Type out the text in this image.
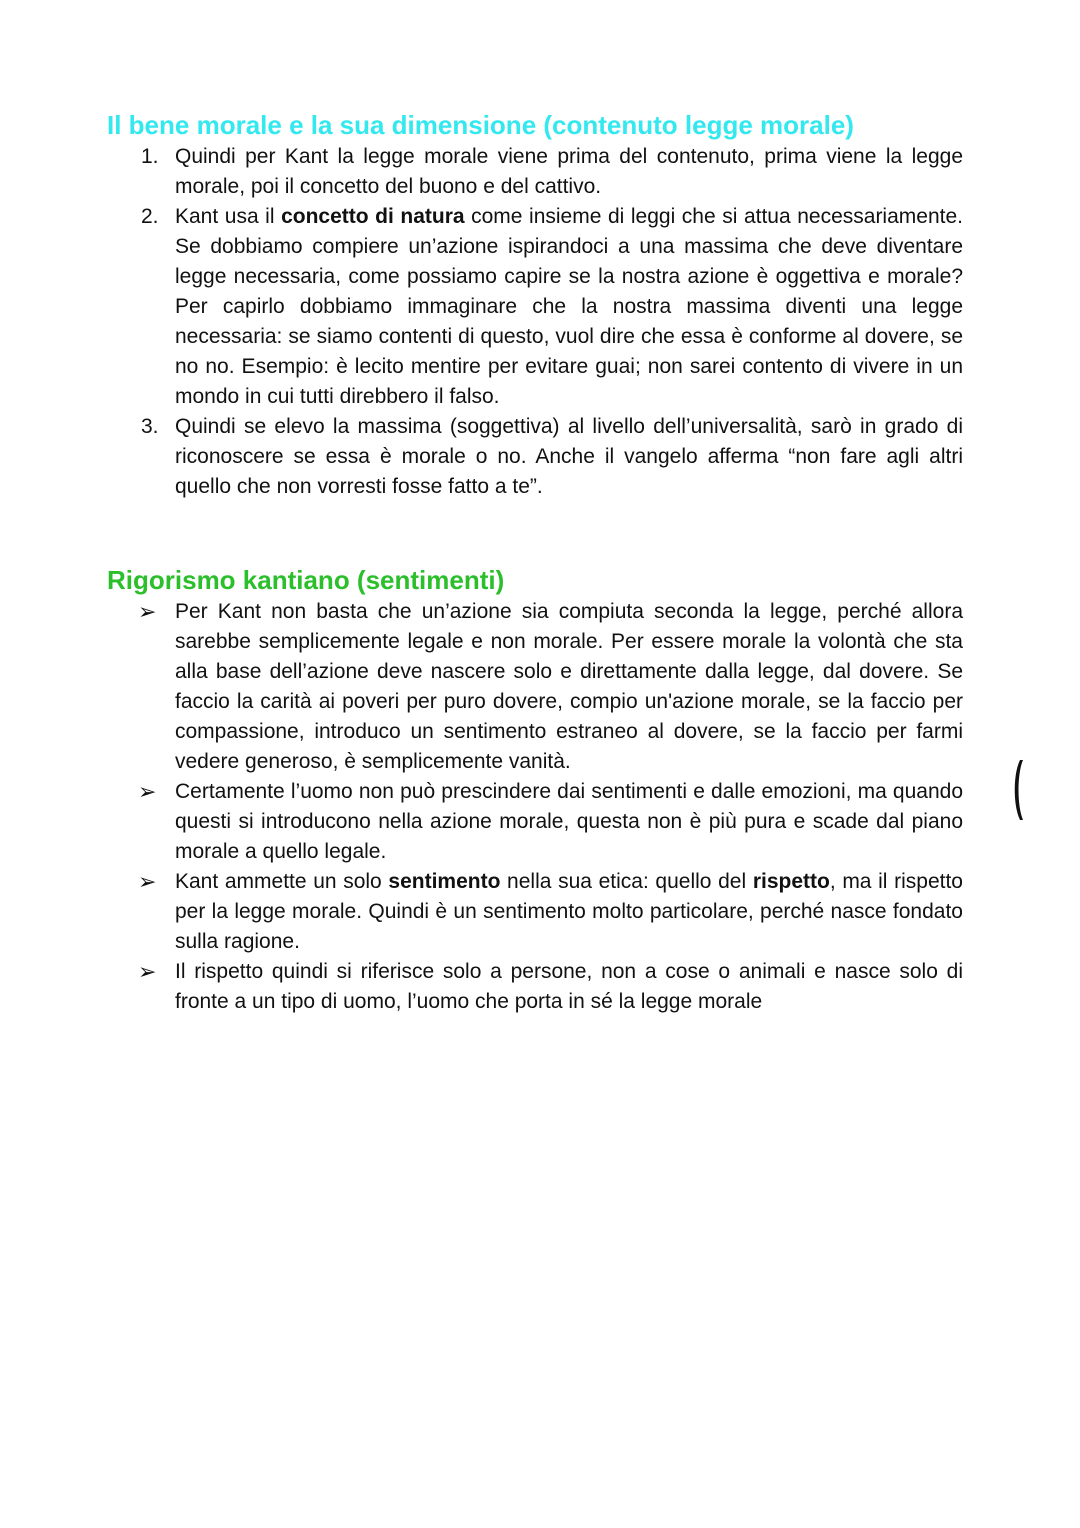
Il bene morale e la sua dimensione (contenuto legge morale)
1. Quindi per Kant la legge morale viene prima del contenuto, prima viene la legge morale, poi il concetto del buono e del cattivo.
2. Kant usa il concetto di natura come insieme di leggi che si attua necessariamente. Se dobbiamo compiere un’azione ispirandoci a una massima che deve diventare legge necessaria, come possiamo capire se la nostra azione è oggettiva e morale? Per capirlo dobbiamo immaginare che la nostra massima diventi una legge necessaria: se siamo contenti di questo, vuol dire che essa è conforme al dovere, se no no. Esempio: è lecito mentire per evitare guai; non sarei contento di vivere in un mondo in cui tutti direbbero il falso.
3. Quindi se elevo la massima (soggettiva) al livello dell’universalità, sarò in grado di riconoscere se essa è morale o no. Anche il vangelo afferma “non fare agli altri quello che non vorresti fosse fatto a te”.
Rigorismo kantiano (sentimenti)
➢ Per Kant non basta che un’azione sia compiuta seconda la legge, perché allora sarebbe semplicemente legale e non morale. Per essere morale la volontà che sta alla base dell’azione deve nascere solo e direttamente dalla legge, dal dovere. Se faccio la carità ai poveri per puro dovere, compio un'azione morale, se la faccio per compassione, introduco un sentimento estraneo al dovere, se la faccio per farmi vedere generoso, è semplicemente vanità.
➢ Certamente l’uomo non può prescindere dai sentimenti e dalle emozioni, ma quando questi si introducono nella azione morale, questa non è più pura e scade dal piano morale a quello legale.
➢ Kant ammette un solo sentimento nella sua etica: quello del rispetto, ma il rispetto per la legge morale. Quindi è un sentimento molto particolare, perché nasce fondato sulla ragione.
➢ Il rispetto quindi si riferisce solo a persone, non a cose o animali e nasce solo di fronte a un tipo di uomo, l’uomo che porta in sé la legge morale
